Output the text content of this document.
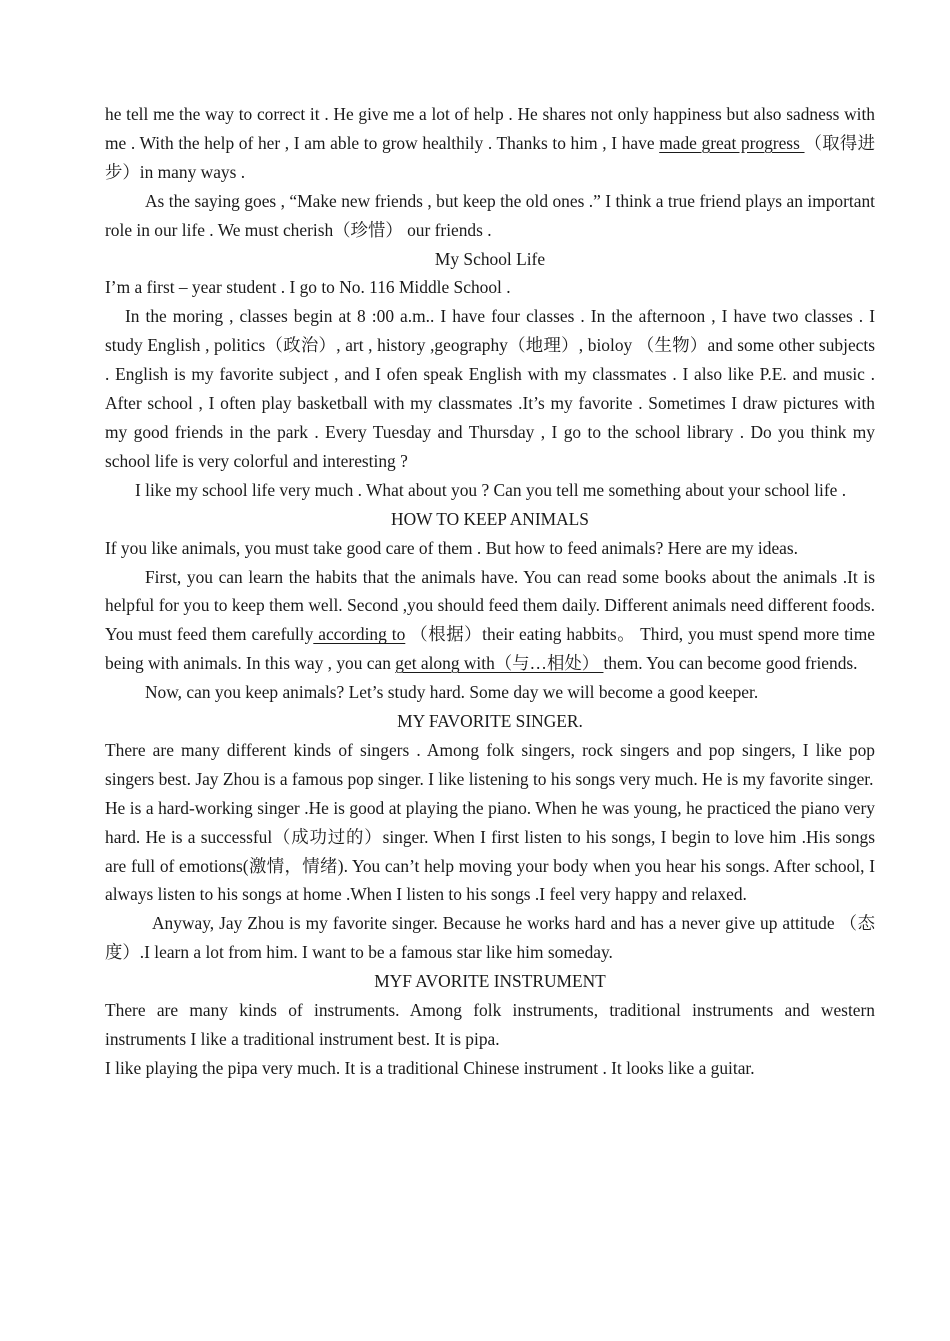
he tell me the way to correct it . He give me a lot of help . He shares not only happiness but also sadness with me . With the help of her , I am able to grow healthily . Thanks to him , I have made great progress （取得进步）in many ways .

As the saying goes , “Make new friends , but keep the old ones .” I think a true friend plays an important role in our life . We must cherish（珍惜） our friends .

My School Life

I’m a first – year student . I go to No. 116 Middle School .

In the moring , classes begin at 8 :00 a.m.. I have four classes . In the afternoon , I have two classes . I study English , politics（政治）, art , history ,geography（地理）, bioloy （生物）and some other subjects . English is my favorite subject , and I ofen speak English with my classmates . I also like P.E. and music . After school , I often play basketball with my classmates .It’s my favorite . Sometimes I draw pictures with my good friends in the park . Every Tuesday and Thursday , I go to the school library . Do you think my school life is very colorful and interesting ?

I like my school life very much . What about you ? Can you tell me something about your school life .

HOW TO KEEP ANIMALS

If you like animals, you must take good care of them . But how to feed animals? Here are my ideas.

First, you can learn the habits that the animals have. You can read some books about the animals .It is helpful for you to keep them well. Second ,you should feed them daily. Different animals need different foods. You must feed them carefully according to （根据）their eating habbits。 Third, you must spend more time being with animals. In this way , you can get along with（与…相处） them. You can become good friends.

Now, can you keep animals? Let’s study hard. Some day we will become a good keeper.

MY FAVORITE SINGER.

There are many different kinds of singers . Among folk singers, rock singers and pop singers, I like pop singers best. Jay Zhou is a famous pop singer. I like listening to his songs very much. He is my favorite singer.

He is a hard-working singer .He is good at playing the piano. When he was young, he practiced the piano very hard. He is a successful（成功过的）singer. When I first listen to his songs, I begin to love him .His songs are full of emotions(激情，情绪). You can’t help moving your body when you hear his songs. After school, I always listen to his songs at home .When I listen to his songs .I feel very happy and relaxed.

Anyway, Jay Zhou is my favorite singer. Because he works hard and has a never give up attitude （态度）.I learn a lot from him. I want to be a famous star like him someday.

MYF AVORITE INSTRUMENT

There are many kinds of instruments. Among folk instruments, traditional instruments and western instruments I like a traditional instrument best. It is pipa.

I like playing the pipa very much. It is a traditional Chinese instrument . It looks like a guitar.
